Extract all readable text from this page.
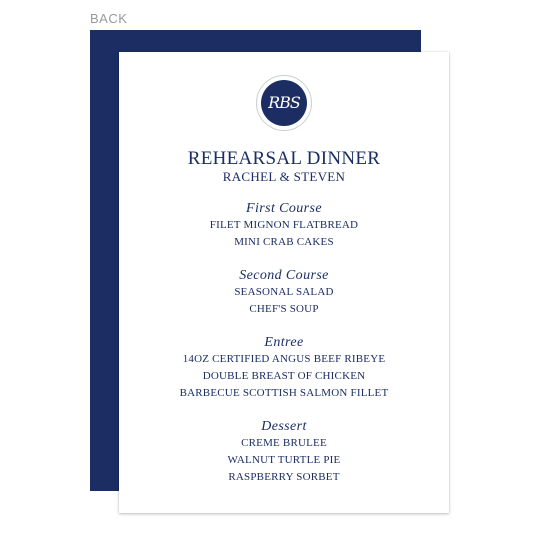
BACK
RBS
REHEARSAL DINNER
RACHEL & STEVEN
First Course
FILET MIGNON FLATBREAD
MINI CRAB CAKES
Second Course
SEASONAL SALAD
CHEF'S SOUP
Entree
14OZ CERTIFIED ANGUS BEEF RIBEYE
DOUBLE BREAST OF CHICKEN
BARBECUE SCOTTISH SALMON FILLET
Dessert
CREME BRULEE
WALNUT TURTLE PIE
RASPBERRY SORBET
